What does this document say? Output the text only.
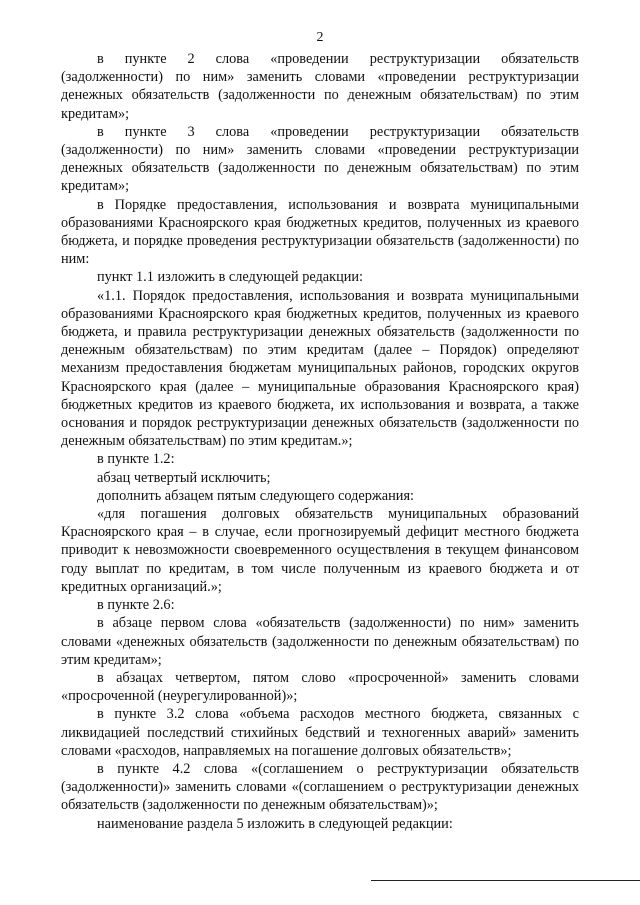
2

в пункте 2 слова «проведении реструктуризации обязательств (задолженности) по ним» заменить словами «проведении реструктуризации денежных обязательств (задолженности по денежным обязательствам) по этим кредитам»;

в пункте 3 слова «проведении реструктуризации обязательств (задолженности) по ним» заменить словами «проведении реструктуризации денежных обязательств (задолженности по денежным обязательствам) по этим кредитам»;

в Порядке предоставления, использования и возврата муниципальными образованиями Красноярского края бюджетных кредитов, полученных из краевого бюджета, и порядке проведения реструктуризации обязательств (задолженности) по ним:

пункт 1.1 изложить в следующей редакции:

«1.1. Порядок предоставления, использования и возврата муниципальными образованиями Красноярского края бюджетных кредитов, полученных из краевого бюджета, и правила реструктуризации денежных обязательств (задолженности по денежным обязательствам) по этим кредитам (далее – Порядок) определяют механизм предоставления бюджетам муниципальных районов, городских округов Красноярского края (далее – муниципальные образования Красноярского края) бюджетных кредитов из краевого бюджета, их использования и возврата, а также основания и порядок реструктуризации денежных обязательств (задолженности по денежным обязательствам) по этим кредитам.»;

в пункте 1.2:

абзац четвертый исключить;

дополнить абзацем пятым следующего содержания:

«для погашения долговых обязательств муниципальных образований Красноярского края – в случае, если прогнозируемый дефицит местного бюджета приводит к невозможности своевременного осуществления в текущем финансовом году выплат по кредитам, в том числе полученным из краевого бюджета и от кредитных организаций.»;

в пункте 2.6:

в абзаце первом слова «обязательств (задолженности) по ним» заменить словами «денежных обязательств (задолженности по денежным обязательствам) по этим кредитам»;

в абзацах четвертом, пятом слово «просроченной» заменить словами «просроченной (неурегулированной)»;

в пункте 3.2 слова «объема расходов местного бюджета, связанных с ликвидацией последствий стихийных бедствий и техногенных аварий» заменить словами «расходов, направляемых на погашение долговых обязательств»;

в пункте 4.2 слова «(соглашением о реструктуризации обязательств (задолженности)» заменить словами «(соглашением о реструктуризации денежных обязательств (задолженности по денежным обязательствам)»;

наименование раздела 5 изложить в следующей редакции:
